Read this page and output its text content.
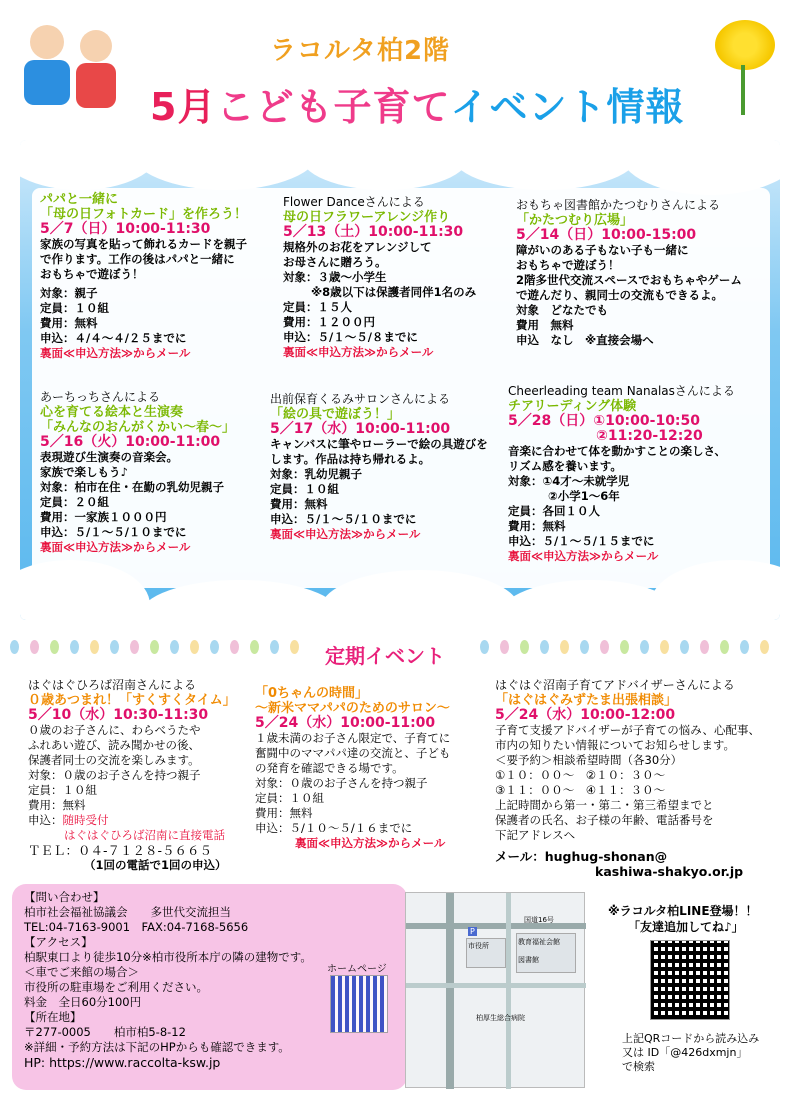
ラコルタ柏2階
5月こども子育てイベント情報

パパと一緒に

「母の日フォトカード」を作ろう！

5／7（日）10:00-11:30

家族の写真を貼って飾れるカードを親子

で作ります。工作の後はパパと一緒に

おもちゃで遊ぼう！

対象：親子

定員：１０組

費用：無料

申込：４/４～４/２５までに

裏面≪申込方法≫からメール

Flower Danceさんによる

母の日フラワーアレンジ作り

5／13（土）10:00-11:30

規格外のお花をアレンジして

お母さんに贈ろう。

対象：３歳～小学生

※8歳以下は保護者同伴1名のみ

定員：１５人

費用：１２００円

申込：５/１～５/８までに

裏面≪申込方法≫からメール

おもちゃ図書館かたつむりさんによる

「かたつむり広場」

5／14（日）10:00-15:00

障がいのある子もない子も一緒に

おもちゃで遊ぼう！

2階多世代交流スペースでおもちゃやゲーム

で遊んだり、親同士の交流もできるよ。

対象　どなたでも

費用　無料

申込　なし　※直接会場へ

あーちっちさんによる

心を育てる絵本と生演奏

「みんなのおんがくかい～春～」

5／16（火）10:00-11:00

表現遊び生演奏の音楽会。

家族で楽しもう♪

対象：柏市在住・在勤の乳幼児親子

定員：２０組

費用：一家族１０００円

申込：５/１～５/１０までに

裏面≪申込方法≫からメール

出前保育くるみサロンさんによる

「絵の具で遊ぼう！」

5／17（水）10:00-11:00

キャンバスに筆やローラーで絵の具遊びを

します。作品は持ち帰れるよ。

対象：乳幼児親子

定員：１０組

費用：無料

申込：５/１～５/１０までに

裏面≪申込方法≫からメール

Cheerleading team Nanalasさんによる

チアリーディング体験

5／28（日）①10:00-10:50

②11:20-12:20

音楽に合わせて体を動かすことの楽しさ、

リズム感を養います。

対象：①4才～未就学児

②小学1～6年

定員：各回１０人

費用：無料

申込：５/１～５/１５までに

裏面≪申込方法≫からメール

定期イベント

はぐはぐひろば沼南さんによる

０歳あつまれ！「すくすくタイム」

5／10（水）10:30-11:30

０歳のお子さんに、わらべうたや

ふれあい遊び、読み聞かせの後、

保護者同士の交流を楽しみます。

対象：０歳のお子さんを持つ親子

定員：１０組

費用：無料

申込：随時受付

はぐはぐひろば沼南に直接電話

ＴＥＬ：０４-７１２８-５６６５

（1回の電話で1回の申込）

「0ちゃんの時間」

～新米ママパパのためのサロン～

5／24（水）10:00-11:00

１歳未満のお子さん限定で、子育てに

奮闘中のママパパ達の交流と、子ども

の発育を確認できる場です。

対象：０歳のお子さんを持つ親子

定員：１０組

費用：無料

申込：５/１０～５/１６までに

裏面≪申込方法≫からメール

はぐはぐ沼南子育てアドバイザーさんによる

「はぐはぐみずたま出張相談」

5／24（水）10:00-12:00

子育て支援アドバイザーが子育ての悩み、心配事、

市内の知りたい情報についてお知らせします。

＜要予約＞相談希望時間（各30分）

①１０：００～　②１０：３０～

③１１：００～　④１１：３０～

上記時間から第一・第二・第三希望までと

保護者の氏名、お子様の年齢、電話番号を

下記アドレスへ

メール：hughug-shonan@

kashiwa-shakyo.or.jp

【問い合わせ】

柏市社会福祉協議会　　多世代交流担当

TEL:04-7163-9001　FAX:04-7168-5656

【アクセス】

柏駅東口より徒歩10分※柏市役所本庁の隣の建物です。

＜車でご来館の場合＞

市役所の駐車場をご利用ください。

料金　全日60分100円

【所在地】

〒277-0005　　柏市柏5-8-12

※詳細・予約方法は下記のHPからも確認できます。

HP: https://www.raccolta-ksw.jp

ホームページ
国道16号
教育福祉会館
市役所
図書館
柏厚生総合病院
P
※ラコルタ柏LINE登場！！
「友達追加してね♪」

上記QRコードから読み込み

又は ID「@426dxmjn」

で検索
